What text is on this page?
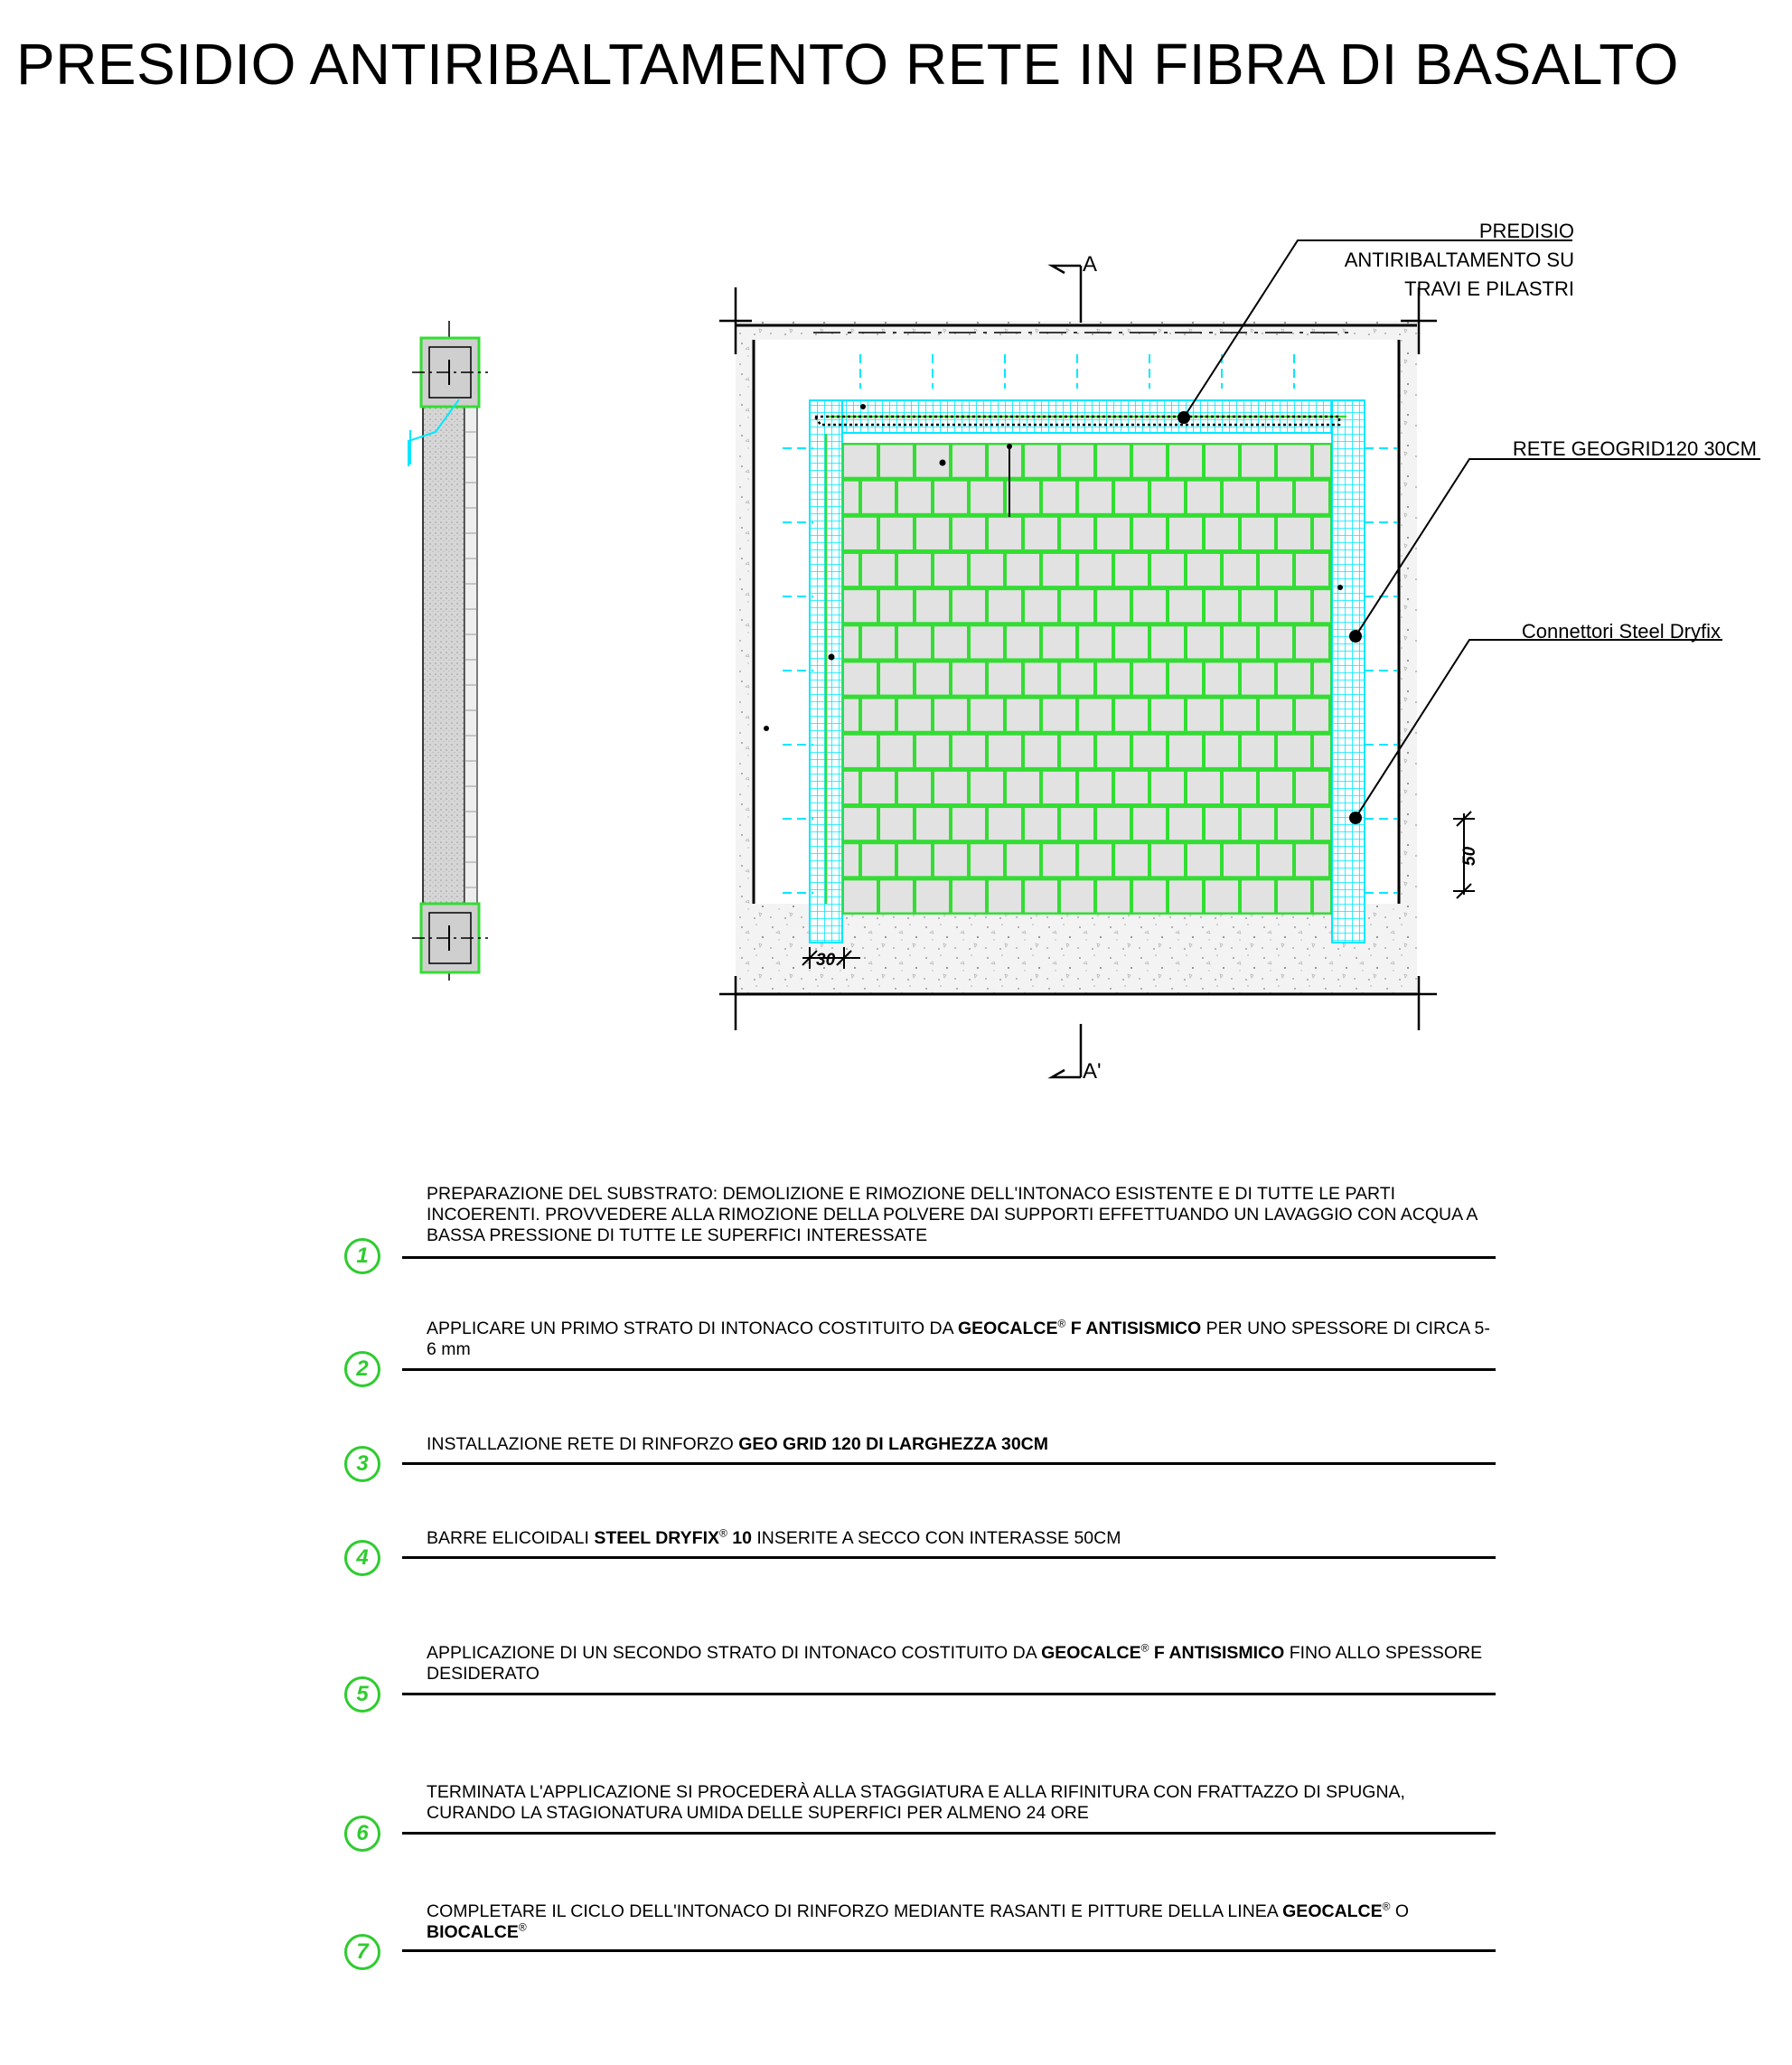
PRESIDIO ANTIRIBALTAMENTO RETE IN FIBRA DI BASALTO
A
A'
50
30
PREDISIO
ANTIRIBALTAMENTO SU
TRAVI E PILASTRI
RETE GEOGRID120 30CM
Connettori Steel Dryfix
1
PREPARAZIONE DEL SUBSTRATO: DEMOLIZIONE E RIMOZIONE DELL'INTONACO ESISTENTE E DI TUTTE LE PARTI INCOERENTI. PROVVEDERE ALLA RIMOZIONE DELLA POLVERE DAI SUPPORTI EFFETTUANDO UN LAVAGGIO CON ACQUA A BASSA PRESSIONE DI TUTTE LE SUPERFICI INTERESSATE
2
APPLICARE UN PRIMO STRATO DI INTONACO COSTITUITO DA GEOCALCE® F ANTISISMICO PER UNO SPESSORE DI CIRCA 5-6 mm
3
INSTALLAZIONE RETE DI RINFORZO GEO GRID 120 DI LARGHEZZA 30CM
4
BARRE ELICOIDALI STEEL DRYFIX® 10 INSERITE A SECCO CON INTERASSE 50CM
5
APPLICAZIONE DI UN SECONDO STRATO DI INTONACO COSTITUITO DA GEOCALCE® F ANTISISMICO FINO ALLO SPESSORE DESIDERATO
6
TERMINATA L'APPLICAZIONE SI PROCEDERÀ ALLA STAGGIATURA E ALLA RIFINITURA CON FRATTAZZO DI SPUGNA, CURANDO LA STAGIONATURA UMIDA DELLE SUPERFICI PER ALMENO 24 ORE
7
COMPLETARE IL CICLO DELL'INTONACO DI RINFORZO MEDIANTE RASANTI E PITTURE DELLA LINEA GEOCALCE® O BIOCALCE®
